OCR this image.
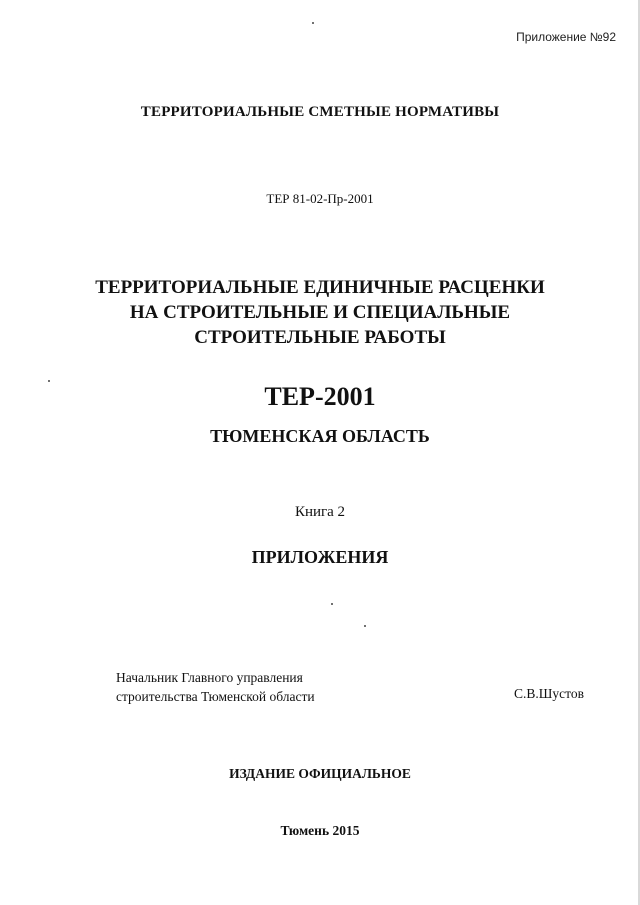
Приложение №92

ТЕРРИТОРИАЛЬНЫЕ СМЕТНЫЕ НОРМАТИВЫ

ТЕР 81-02-Пр-2001

ТЕРРИТОРИАЛЬНЫЕ ЕДИНИЧНЫЕ РАСЦЕНКИ
НА СТРОИТЕЛЬНЫЕ И СПЕЦИАЛЬНЫЕ
СТРОИТЕЛЬНЫЕ РАБОТЫ

ТЕР-2001

ТЮМЕНСКАЯ ОБЛАСТЬ

Книга 2

ПРИЛОЖЕНИЯ

Начальник Главного управления
строительства Тюменской области	С.В.Шустов

ИЗДАНИЕ ОФИЦИАЛЬНОЕ

Тюмень 2015
